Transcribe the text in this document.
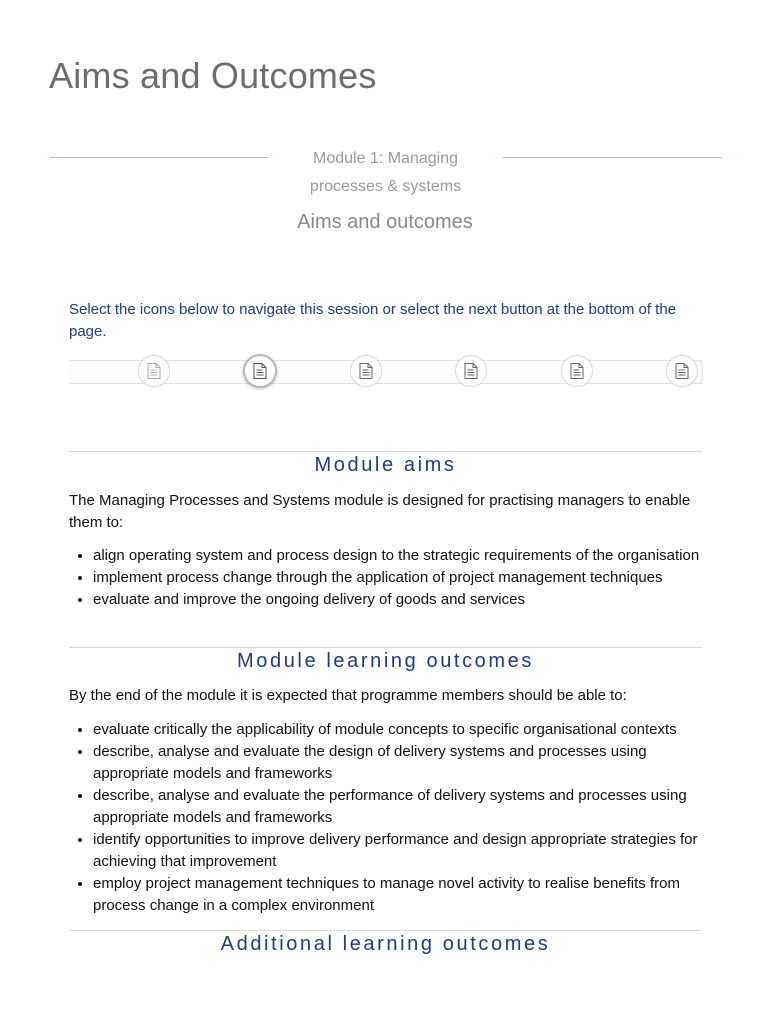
Aims and Outcomes
Module 1: Managing
processes & systems
Aims and outcomes

Select the icons below to navigate this session or select the next button at the bottom of the page.

Module aims

The Managing Processes and Systems module is designed for practising managers to enable them to:

• align operating system and process design to the strategic requirements of the organisation
• implement process change through the application of project management techniques
• evaluate and improve the ongoing delivery of goods and services
Module learning outcomes

By the end of the module it is expected that programme members should be able to:

• evaluate critically the applicability of module concepts to specific organisational contexts
• describe, analyse and evaluate the design of delivery systems and processes using appropriate models and frameworks
• describe, analyse and evaluate the performance of delivery systems and processes using appropriate models and frameworks
• identify opportunities to improve delivery performance and design appropriate strategies for achieving that improvement
• employ project management techniques to manage novel activity to realise benefits from process change in a complex environment
Additional learning outcomes
